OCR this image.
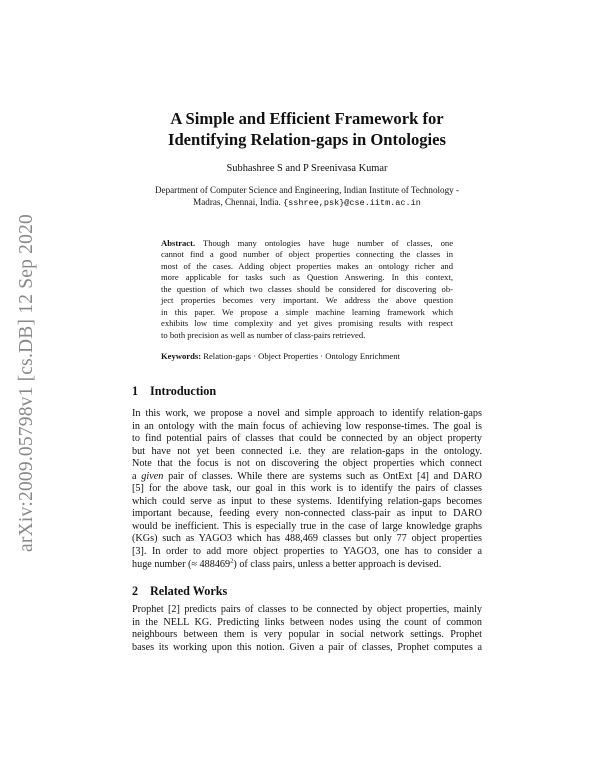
arXiv:2009.05798v1 [cs.DB] 12 Sep 2020
A Simple and Efficient Framework for
Identifying Relation-gaps in Ontologies
Subhashree S and P Sreenivasa Kumar
Department of Computer Science and Engineering, Indian Institute of Technology -
Madras, Chennai, India. {sshree,psk}@cse.iitm.ac.in
Abstract. Though many ontologies have huge number of classes, one
cannot find a good number of object properties connecting the classes in
most of the cases. Adding object properties makes an ontology richer and
more applicable for tasks such as Question Answering. In this context,
the question of which two classes should be considered for discovering ob-
ject properties becomes very important. We address the above question
in this paper. We propose a simple machine learning framework which
exhibits low time complexity and yet gives promising results with respect
to both precision as well as number of class-pairs retrieved.
Keywords: Relation-gaps · Object Properties · Ontology Enrichment
1 Introduction
In this work, we propose a novel and simple approach to identify relation-gaps
in an ontology with the main focus of achieving low response-times. The goal is
to find potential pairs of classes that could be connected by an object property
but have not yet been connected i.e. they are relation-gaps in the ontology.
Note that the focus is not on discovering the object properties which connect
a given pair of classes. While there are systems such as OntExt [4] and DARO
[5] for the above task, our goal in this work is to identify the pairs of classes
which could serve as input to these systems. Identifying relation-gaps becomes
important because, feeding every non-connected class-pair as input to DARO
would be inefficient. This is especially true in the case of large knowledge graphs
(KGs) such as YAGO3 which has 488,469 classes but only 77 object properties
[3]. In order to add more object properties to YAGO3, one has to consider a
huge number (≈ $488469^2$) of class pairs, unless a better approach is devised.
2 Related Works
Prophet [2] predicts pairs of classes to be connected by object properties, mainly
in the NELL KG. Predicting links between nodes using the count of common
neighbours between them is very popular in social network settings. Prophet
bases its working upon this notion. Given a pair of classes, Prophet computes a
